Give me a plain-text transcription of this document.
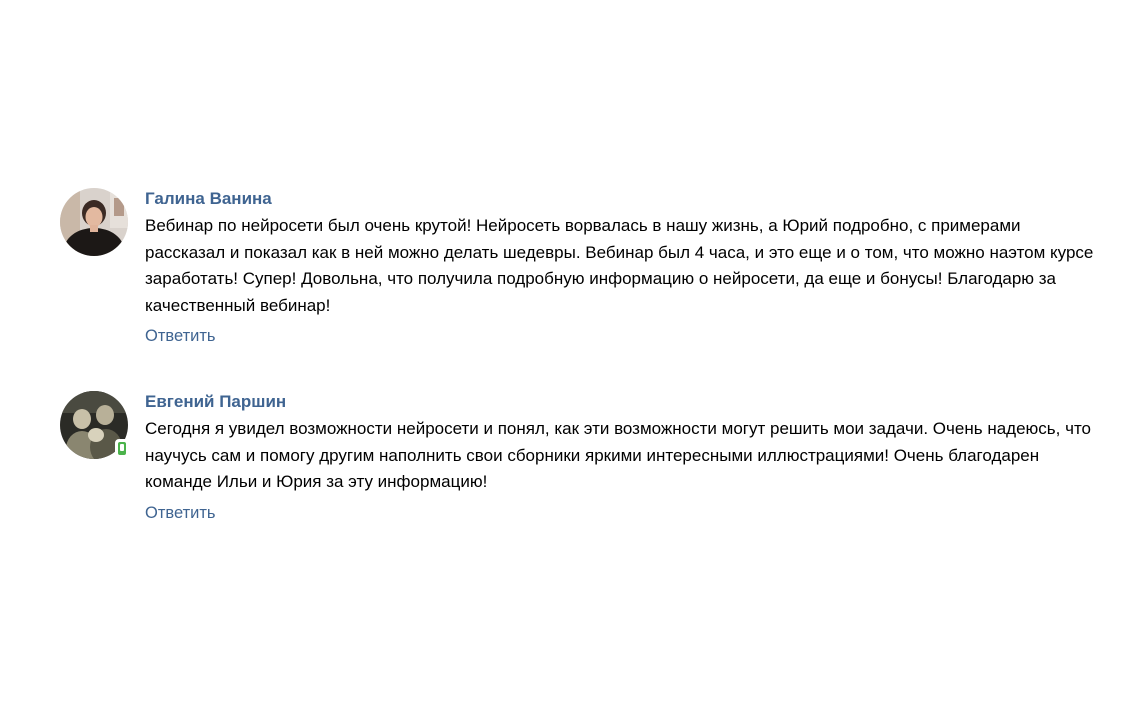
Галина Ванина
Вебинар по нейросети был очень крутой! Нейросеть ворвалась в нашу жизнь, а Юрий подробно, с примерами рассказал и показал как в ней можно делать шедевры. Вебинар был 4 часа, и это еще и о том, что можно наэтом курсе заработать! Супер! Довольна, что получила подробную информацию о нейросети, да еще и бонусы! Благодарю за качественный вебинар!
Ответить
Евгений Паршин
Сегодня я увидел возможности нейросети и понял, как эти возможности могут решить мои задачи. Очень надеюсь, что научусь сам и помогу другим наполнить свои сборники яркими интересными иллюстрациями! Очень благодарен команде Ильи и Юрия за эту информацию!
Ответить
